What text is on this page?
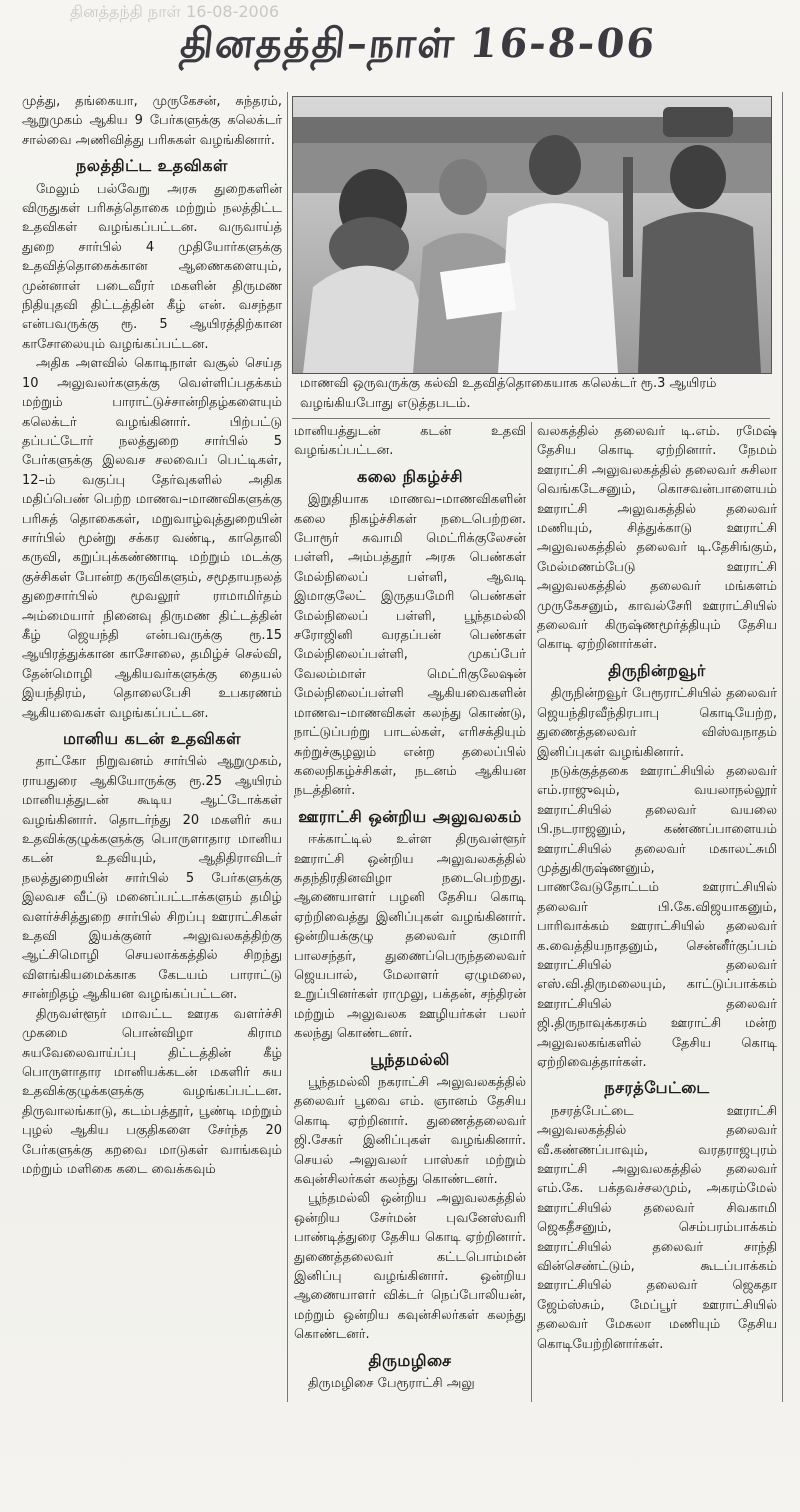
தினத்தந்தி நாள் 16-08-2006
தினதத்தி–நாள் 16-8-06

முத்து, தங்கையா, முருகேசன், சுந்தரம், ஆறுமுகம் ஆகிய 9 பேர்களுக்கு கலெக்டர் சால்வை அணிவித்து பரிசுகள் வழங்கினார்.

நலத்திட்ட உதவிகள்

மேலும் பல்வேறு அரசு துறைகளின் விருதுகள் பரிசுத்தொகை மற்றும் நலத்திட்ட உதவிகள் வழங்கப்பட்டன. வருவாய்த் துறை சார்பில் 4 முதியோர்களுக்கு உதவித்தொகைக்கான ஆணைகளையும், முன்னாள் படைவீரர் மகளின் திருமண நிதியுதவி திட்டத்தின் கீழ் என். வசந்தா என்பவருக்கு ரூ. 5 ஆயிரத்திற்கான காசோலையும் வழங்கப்பட்டன.

அதிக அளவில் கொடிநாள் வசூல் செய்த 10 அலுவலர்களுக்கு வெள்ளிப்பதக்கம் மற்றும் பாராட்டுச்சான்றிதழ்களையும் கலெக்டர் வழங்கினார். பிற்பட்டு தப்பட்டோர் நலத்துறை சார்பில் 5 பேர்களுக்கு இலவச சலவைப் பெட்டிகள், 12–ம் வகுப்பு தேர்வுகளில் அதிக மதிப்பெண் பெற்ற மாணவ–மாணவிகளுக்கு பரிசுத் தொகைகள், மறுவாழ்வுத்துறையின் சார்பில் மூன்று சக்கர வண்டி, காதொலி கருவி, கறுப்புக்கண்ணாடி மற்றும் மடக்கு குச்சிகள் போன்ற கருவிகளும், சமூதாயநலத் துறைசார்பில் மூவலூர் ராமாமிர்தம் அம்மையார் நினைவு திருமண திட்டத்தின் கீழ் ஜெயந்தி என்பவருக்கு ரூ.15 ஆயிரத்துக்கான காசோலை, தமிழ்ச் செல்வி, தேன்மொழி ஆகியவர்களுக்கு தையல் இயந்திரம், தொலைபேசி உபகரணம் ஆகியவைகள் வழங்கப்பட்டன.

மானிய கடன் உதவிகள்

தாட்கோ நிறுவனம் சார்பில் ஆறுமுகம், ராயதுரை ஆகியோருக்கு ரூ.25 ஆயிரம் மானியத்துடன் கூடிய ஆட்டோக்கள் வழங்கினார். தொடர்ந்து 20 மகளிர் சுய உதவிக்குழுக்களுக்கு பொருளாதார மானிய கடன் உதவியும், ஆதிதிராவிடர் நலத்துறையின் சார்பில் 5 பேர்களுக்கு இலவச வீட்டு மனைப்பட்டாக்களும் தமிழ் வளர்ச்சித்துறை சார்பில் சிறப்பு ஊராட்சிகள் உதவி இயக்குனர் அலுவலகத்திற்கு ஆட்சிமொழி செயலாக்கத்தில் சிறந்து விளங்கியமைக்காக கேடயம் பாராட்டு சான்றிதழ் ஆகியன வழங்கப்பட்டன.

திருவள்ளூர் மாவட்ட ஊரக வளர்ச்சி முகமை பொன்விழா கிராம சுயவேலைவாய்ப்பு திட்டத்தின் கீழ் பொருளாதார மானியக்கடன் மகளிர் சுய உதவிக்குழுக்களுக்கு வழங்கப்பட்டன. திருவாலங்காடு, கடம்பத்தூர், பூண்டி மற்றும் புழல் ஆகிய பகுதிகளை சேர்ந்த 20 பேர்களுக்கு கறவை மாடுகள் வாங்கவும் மற்றும் மளிகை கடை வைக்கவும்

மாணவி ஒருவருக்கு கல்வி உதவித்தொகையாக கலெக்டர் ரூ.3 ஆயிரம் வழங்கியபோது எடுத்தபடம்.

மானியத்துடன் கடன் உதவி வழங்கப்பட்டன.

கலை நிகழ்ச்சி

இறுதியாக மாணவ–மாணவிகளின் கலை நிகழ்ச்சிகள் நடைபெற்றன. போரூர் சுவாமி மெட்ரிக்குலேசன் பள்ளி, அம்பத்தூர் அரசு பெண்கள் மேல்நிலைப் பள்ளி, ஆவடி இமாகுலேட் இருதயமேரி பெண்கள் மேல்நிலைப் பள்ளி, பூந்தமல்லி சரோஜினி வரதப்பன் பெண்கள் மேல்நிலைப்பள்ளி, முகப்பேர் வேலம்மாள் மெட்ரிகுலேஷன் மேல்நிலைப்பள்ளி ஆகியவைகளின் மாணவ–மாணவிகள் கலந்து கொண்டு, நாட்டுப்பற்று பாடல்கள், எரிசக்தியும் சுற்றுச்சூழலும் என்ற தலைப்பில் கலைநிகழ்ச்சிகள், நடனம் ஆகியன நடத்தினர்.

ஊராட்சி ஒன்றிய அலுவலகம்

ஈக்காட்டில் உள்ள திருவள்ளூர் ஊராட்சி ஒன்றிய அலுவலகத்தில் சுதந்திரதினவிழா நடைபெற்றது. ஆணையாளர் பழனி தேசிய கொடி ஏற்றிவைத்து இனிப்புகள் வழங்கினார். ஒன்றியக்குழு தலைவர் குமாரி பாலசந்தர், துணைப்பெருந்தலைவர் ஜெயபால், மேலாளர் ஏழுமலை, உறுப்பினர்கள் ராமுலு, பக்தன், சந்திரன் மற்றும் அலுவலக ஊழியர்கள் பலர் கலந்து கொண்டனர்.

பூந்தமல்லி

பூந்தமல்லி நகராட்சி அலுவலகத்தில் தலைவர் பூவை எம். ஞானம் தேசிய கொடி ஏற்றினார். துணைத்தலைவர் ஜி.சேகர் இனிப்புகள் வழங்கினார். செயல் அலுவலர் பாஸ்கர் மற்றும் கவுன்சிலர்கள் கலந்து கொண்டனர்.

பூந்தமல்லி ஒன்றிய அலுவலகத்தில் ஒன்றிய சேர்மன் புவனேஸ்வரி பாண்டித்துரை தேசிய கொடி ஏற்றினார். துணைத்தலைவர் கட்டபொம்மன் இனிப்பு வழங்கினார். ஒன்றிய ஆணையாளர் விக்டர் நெப்போலியன், மற்றும் ஒன்றிய கவுன்சிலர்கள் கலந்து கொண்டனர்.

திருமழிசை

திருமழிசை பேரூராட்சி அலு

வலகத்தில் தலைவர் டி.எம். ரமேஷ் தேசிய கொடி ஏற்றினார். நேமம் ஊராட்சி அலுவலகத்தில் தலைவர் சுசிலா வெங்கடேசனும், கொசவன்பாளையம் ஊராட்சி அலுவகத்தில் தலைவர் மணியும், சித்துக்காடு ஊராட்சி அலுவலகத்தில் தலைவர் டி.தேசிங்கும், மேல்மணம்பேடு ஊராட்சி அலுவலகத்தில் தலைவர் மங்களம் முருகேசனும், காவல்சேரி ஊராட்சியில் தலைவர் கிருஷ்ணமூர்த்தியும் தேசிய கொடி ஏற்றினார்கள்.

திருநின்றவூர்

திருநின்றவூர் பேரூராட்சியில் தலைவர் ஜெயந்திரவீந்திரபாபு கொடியேற்ற, துணைத்தலைவர் விஸ்வநாதம் இனிப்புகள் வழங்கினார்.

நடுக்குத்தகை ஊராட்சியில் தலைவர் எம்.ராஜுவும், வயலாநல்லூர் ஊராட்சியில் தலைவர் வயலை பி.நடராஜனும், கண்ணப்பாளையம் ஊராட்சியில் தலைவர் மகாலட்சுமி முத்துகிருஷ்ணனும், பாணவேடுதோட்டம் ஊராட்சியில் தலைவர் பி.கே.விஜயாகனும், பாரிவாக்கம் ஊராட்சியில் தலைவர் க.வைத்தியநாதனும், சென்னீர்குப்பம் ஊராட்சியில் தலைவர் எஸ்.வி.திருமலையும், காட்டுப்பாக்கம் ஊராட்சியில் தலைவர் ஜி.திருநாவுக்கரசும் ஊராட்சி மன்ற அலுவலகங்களில் தேசிய கொடி ஏற்றிவைத்தார்கள்.

நசரத்பேட்டை

நசரத்பேட்டை ஊராட்சி அலுவலகத்தில் தலைவர் வீ.கண்ணப்பாவும், வரதராஜபுரம் ஊராட்சி அலுவலகத்தில் தலைவர் எம்.கே. பக்தவச்சலமும், அகரம்மேல் ஊராட்சியில் தலைவர் சிவகாமி ஜெகதீசனும், செம்பரம்பாக்கம் ஊராட்சியில் தலைவர் சாந்தி வின்செண்ட்டும், கூடப்பாக்கம் ஊராட்சியில் தலைவர் ஜெகதா ஜேம்ஸ்சும், மேப்பூர் ஊராட்சியில் தலைவர் மேகலா மணியும் தேசிய கொடியேற்றினார்கள்.
